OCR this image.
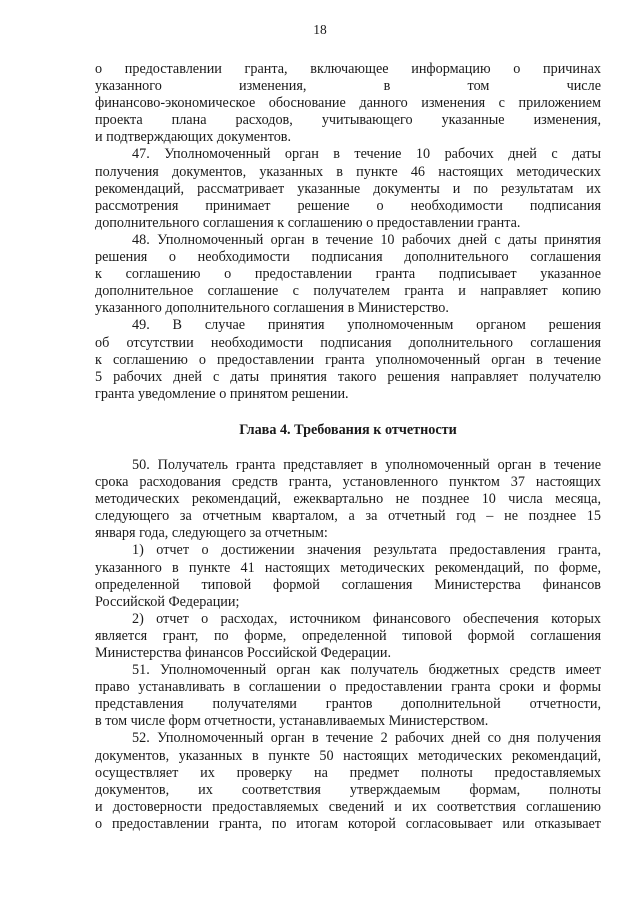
18
о предоставлении гранта, включающее информацию о причинах
указанного изменения, в том числе
финансово-экономическое обоснование данного изменения с приложением
проекта плана расходов, учитывающего указанные изменения,
и подтверждающих документов.
47. Уполномоченный орган в течение 10 рабочих дней с даты
получения документов, указанных в пункте 46 настоящих методических
рекомендаций, рассматривает указанные документы и по результатам их
рассмотрения принимает решение о необходимости подписания
дополнительного соглашения к соглашению о предоставлении гранта.
48. Уполномоченный орган в течение 10 рабочих дней с даты принятия
решения о необходимости подписания дополнительного соглашения
к соглашению о предоставлении гранта подписывает указанное
дополнительное соглашение с получателем гранта и направляет копию
указанного дополнительного соглашения в Министерство.
49. В случае принятия уполномоченным органом решения
об отсутствии необходимости подписания дополнительного соглашения
к соглашению о предоставлении гранта уполномоченный орган в течение
5 рабочих дней с даты принятия такого решения направляет получателю
гранта уведомление о принятом решении.
Глава 4. Требования к отчетности
50. Получатель гранта представляет в уполномоченный орган в течение
срока расходования средств гранта, установленного пунктом 37 настоящих
методических рекомендаций, ежеквартально не позднее 10 числа месяца,
следующего за отчетным кварталом, а за отчетный год – не позднее 15
января года, следующего за отчетным:
1) отчет о достижении значения результата предоставления гранта,
указанного в пункте 41 настоящих методических рекомендаций, по форме,
определенной типовой формой соглашения Министерства финансов
Российской Федерации;
2) отчет о расходах, источником финансового обеспечения которых
является грант, по форме, определенной типовой формой соглашения
Министерства финансов Российской Федерации.
51. Уполномоченный орган как получатель бюджетных средств имеет
право устанавливать в соглашении о предоставлении гранта сроки и формы
представления получателями грантов дополнительной отчетности,
в том числе форм отчетности, устанавливаемых Министерством.
52. Уполномоченный орган в течение 2 рабочих дней со дня получения
документов, указанных в пункте 50 настоящих методических рекомендаций,
осуществляет их проверку на предмет полноты предоставляемых
документов, их соответствия утверждаемым формам, полноты
и достоверности предоставляемых сведений и их соответствия соглашению
о предоставлении гранта, по итогам которой согласовывает или отказывает
